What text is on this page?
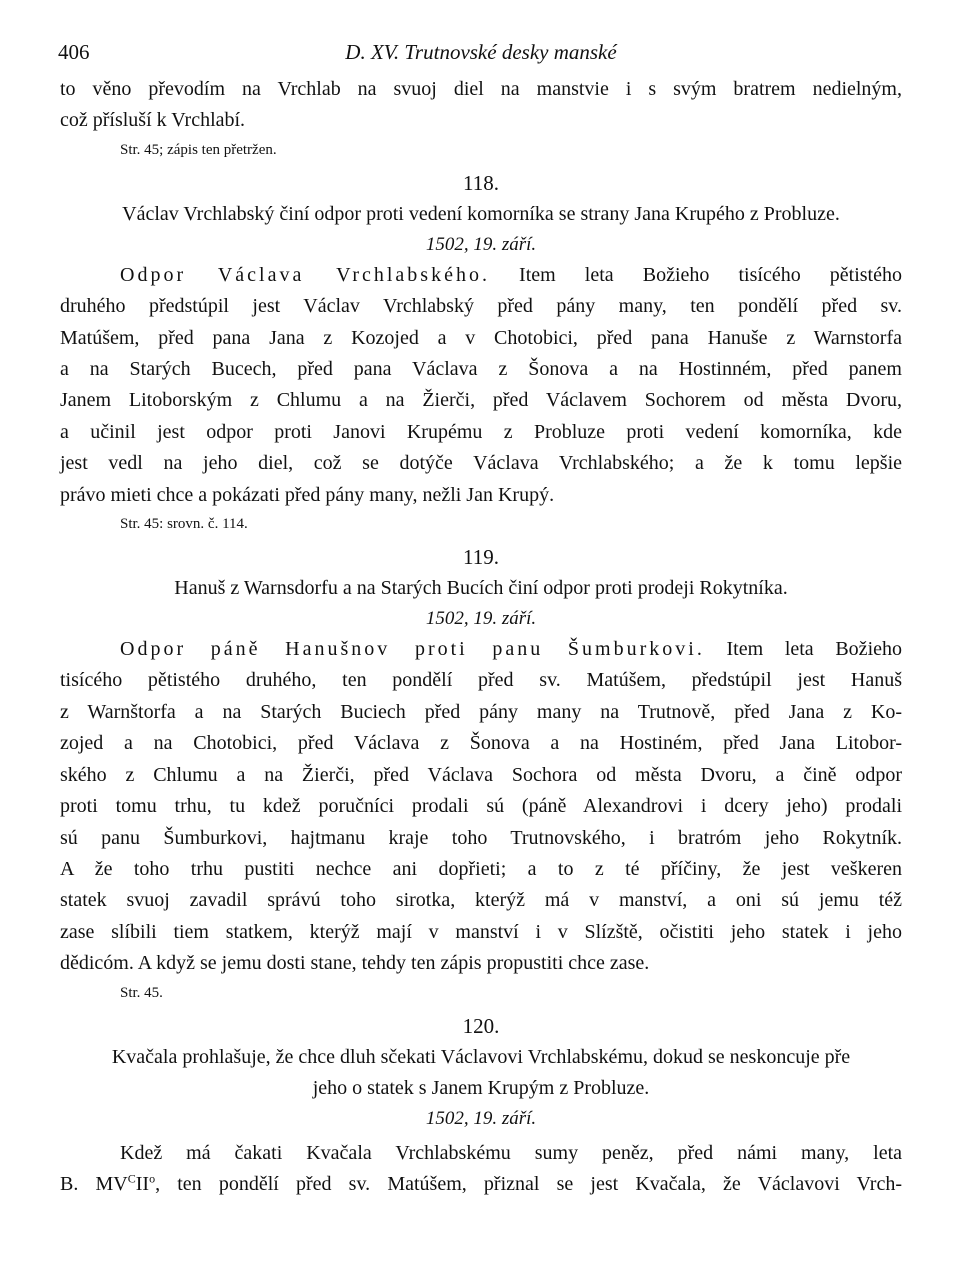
406	D. XV. Trutnovské desky manské

to věno převodím na Vrchlab na svuoj diel na manstvie i s svým bratrem nedielným,

což přísluší k Vrchlabí.

Str. 45; zápis ten přetržen.

118.

Václav Vrchlabský činí odpor proti vedení komorníka se strany Jana Krupého z Probluze.

1502, 19. září.

Odpor Václava Vrchlabského. Item leta Božieho tisícého pětistého

druhého předstúpil jest Václav Vrchlabský před pány many, ten pondělí před sv.

Matúšem, před pana Jana z Kozojed a v Chotobici, před pana Hanuše z Warnstorfa

a na Starých Bucech, před pana Václava z Šonova a na Hostinném, před panem

Janem Litoborským z Chlumu a na Žierči, před Václavem Sochorem od města Dvoru,

a učinil jest odpor proti Janovi Krupému z Probluze proti vedení komorníka, kde

jest vedl na jeho diel, což se dotýče Václava Vrchlabského; a že k tomu lepšie

právo mieti chce a pokázati před pány many, nežli Jan Krupý.

Str. 45: srovn. č. 114.

119.

Hanuš z Warnsdorfu a na Starých Bucích činí odpor proti prodeji Rokytníka.

1502, 19. září.

Odpor páně Hanušnov proti panu Šumburkovi. Item leta Božieho

tisícého pětistého druhého, ten pondělí před sv. Matúšem, předstúpil jest Hanuš

z Warnštorfa a na Starých Buciech před pány many na Trutnově, před Jana z Ko-

zojed a na Chotobici, před Václava z Šonova a na Hostiném, před Jana Litobor-

ského z Chlumu a na Žierči, před Václava Sochora od města Dvoru, a čině odpor

proti tomu trhu, tu kdež poručníci prodali sú (páně Alexandrovi i dcery jeho) prodali

sú panu Šumburkovi, hajtmanu kraje toho Trutnovského, i bratróm jeho Rokytník.

A že toho trhu pustiti nechce ani dopřieti; a to z té příčiny, že jest veškeren

statek svuoj zavadil správú toho sirotka, kterýž má v manství, a oni sú jemu též

zase slíbili tiem statkem, kterýž mají v manství i v Slízště, očistiti jeho statek i jeho

dědicóm. A když se jemu dosti stane, tehdy ten zápis propustiti chce zase.

Str. 45.

120.

Kvačala prohlašuje, že chce dluh sčekati Václavovi Vrchlabskému, dokud se neskoncuje pře

jeho o statek s Janem Krupým z Probluze.

1502, 19. září.

Kdež má čakati Kvačala Vrchlabskému sumy peněz, před námi many, leta

B. $MV^CII^o$, ten pondělí před sv. Matúšem, přiznal se jest Kvačala, že Václavovi Vrch-
